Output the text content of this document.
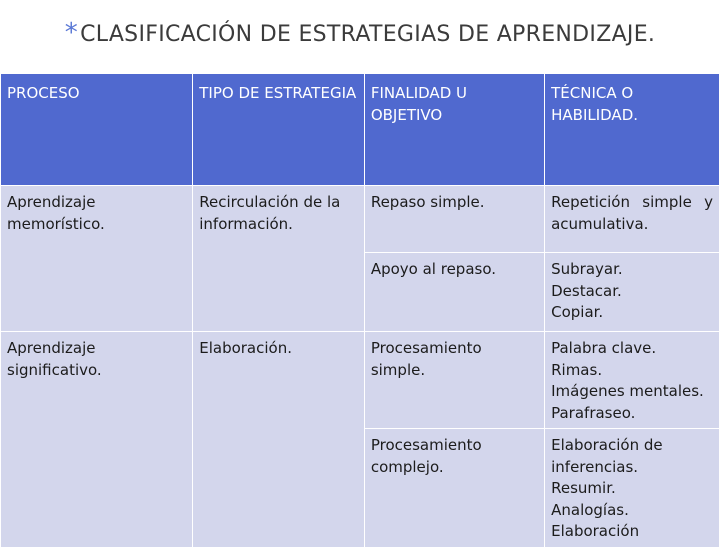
*CLASIFICACIÓN DE ESTRATEGIAS DE APRENDIZAJE.
PROCESO	TIPO DE ESTRATEGIA	FINALIDAD U OBJETIVO	TÉCNICA O HABILIDAD.
Aprendizaje memorístico.	Recirculación de la información.	Repaso simple.	Repetición simple y acumulativa.
		Apoyo al repaso.	Subrayar.
Destacar.
Copiar.

Aprendizaje significativo.	Elaboración.	Procesamiento simple.	Palabra clave.
Rimas.
Imágenes mentales.
Parafraseo.

		Procesamiento complejo.	Elaboración de inferencias.
Resumir.
Analogías.
Elaboración
